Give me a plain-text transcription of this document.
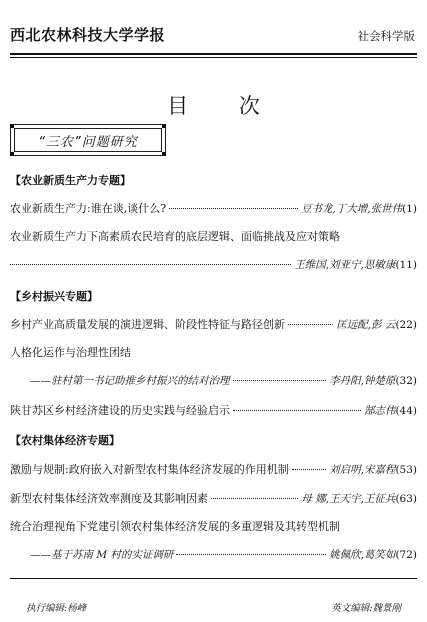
西北农林科技大学学报	社会科学版
目 次
“三农”问题研究
【农业新质生产力专题】
农业新质生产力:谁在谈,谈什么?	豆书龙,丁大增,张世伟 (1)
农业新质生产力下高素质农民培育的底层逻辑、面临挑战及应对策略
王维国,刘亚宁,思敏康 (11)
【乡村振兴专题】
乡村产业高质量发展的演进逻辑、阶段性特征与路径创新	匡远配,彭 云 (22)
人格化运作与治理性团结
——驻村第一书记助推乡村振兴的结对治理	李丹阳,钟楚原 (32)
陕甘苏区乡村经济建设的历史实践与经验启示	郜志伟 (44)
【农村集体经济专题】
激励与规制:政府嵌入对新型农村集体经济发展的作用机制	刘启明,宋嘉程 (53)
新型农村集体经济效率测度及其影响因素	母 娜,王天宇,王征兵 (63)
统合治理视角下党建引领农村集体经济发展的多重逻辑及其转型机制
——基于苏南 M 村的实证调研	姚佩欣,葛笑如 (72)
执行编辑:杨峰	英文编辑:魏景刚
